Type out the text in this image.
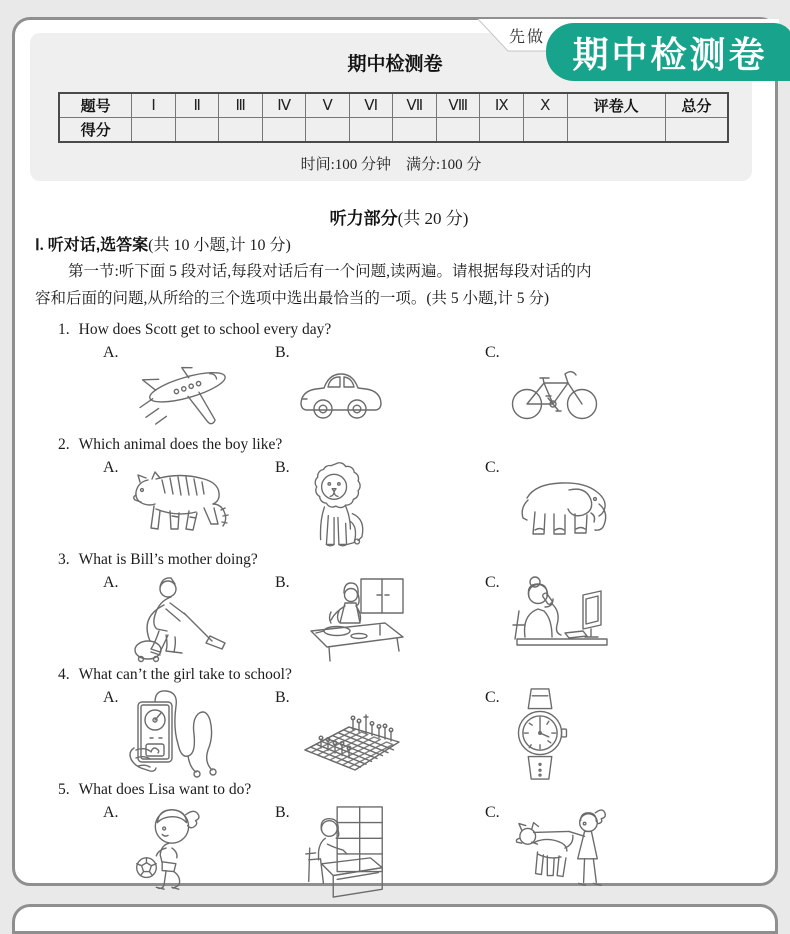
先做 期中检测卷
期中检测卷
题号	Ⅰ	Ⅱ	Ⅲ	Ⅳ	Ⅴ	Ⅵ	Ⅶ	Ⅷ	Ⅸ	Ⅹ	评卷人	总分
得分												
时间:100 分钟　满分:100 分
听力部分(共 20 分)
Ⅰ. 听对话,选答案(共 10 小题,计 10 分)
第一节:听下面 5 段对话,每段对话后有一个问题,读两遍。请根据每段对话的内
容和后面的问题,从所给的三个选项中选出最恰当的一项。(共 5 小题,计 5 分)
1. How does Scott get to school every day?
A.	B.	C.
2. Which animal does the boy like?
A.	B.	C.
3. What is Bill’s mother doing?
A.	B.	C.
4. What can’t the girl take to school?
A.	B.	C.
5. What does Lisa want to do?
A.	B.	C.
